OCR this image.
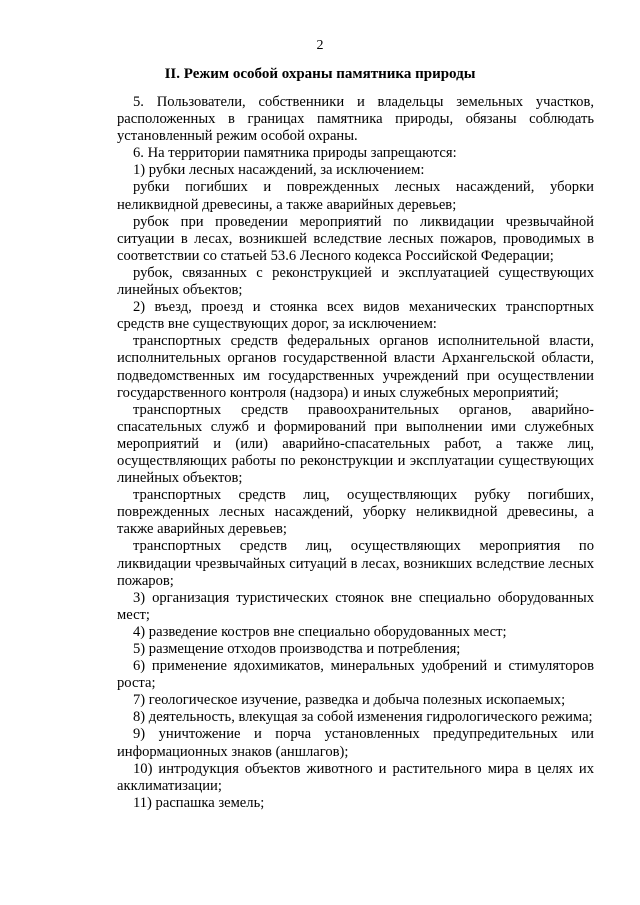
2
II. Режим особой охраны памятника природы

5. Пользователи, собственники и владельцы земельных участков, расположенных в границах памятника природы, обязаны соблюдать установленный режим особой охраны.

6. На территории памятника природы запрещаются:

1) рубки лесных насаждений, за исключением:

рубки погибших и поврежденных лесных насаждений, уборки неликвидной древесины, а также аварийных деревьев;

рубок при проведении мероприятий по ликвидации чрезвычайной ситуации в лесах, возникшей вследствие лесных пожаров, проводимых в соответствии со статьей 53.6 Лесного кодекса Российской Федерации;

рубок, связанных с реконструкцией и эксплуатацией существующих линейных объектов;

2) въезд, проезд и стоянка всех видов механических транспортных средств вне существующих дорог, за исключением:

транспортных средств федеральных органов исполнительной власти, исполнительных органов государственной власти Архангельской области, подведомственных им государственных учреждений при осуществлении государственного контроля (надзора) и иных служебных мероприятий;

транспортных средств правоохранительных органов, аварийно-спасательных служб и формирований при выполнении ими служебных мероприятий и (или) аварийно-спасательных работ, а также лиц, осуществляющих работы по реконструкции и эксплуатации существующих линейных объектов;

транспортных средств лиц, осуществляющих рубку погибших, поврежденных лесных насаждений, уборку неликвидной древесины, а также аварийных деревьев;

транспортных средств лиц, осуществляющих мероприятия по ликвидации чрезвычайных ситуаций в лесах, возникших вследствие лесных пожаров;

3) организация туристических стоянок вне специально оборудованных мест;

4) разведение костров вне специально оборудованных мест;

5) размещение отходов производства и потребления;

6) применение ядохимикатов, минеральных удобрений и стимуляторов роста;

7) геологическое изучение, разведка и добыча полезных ископаемых;

8) деятельность, влекущая за собой изменения гидрологического режима;

9) уничтожение и порча установленных предупредительных или информационных знаков (аншлагов);

10) интродукция объектов животного и растительного мира в целях их акклиматизации;

11) распашка земель;
